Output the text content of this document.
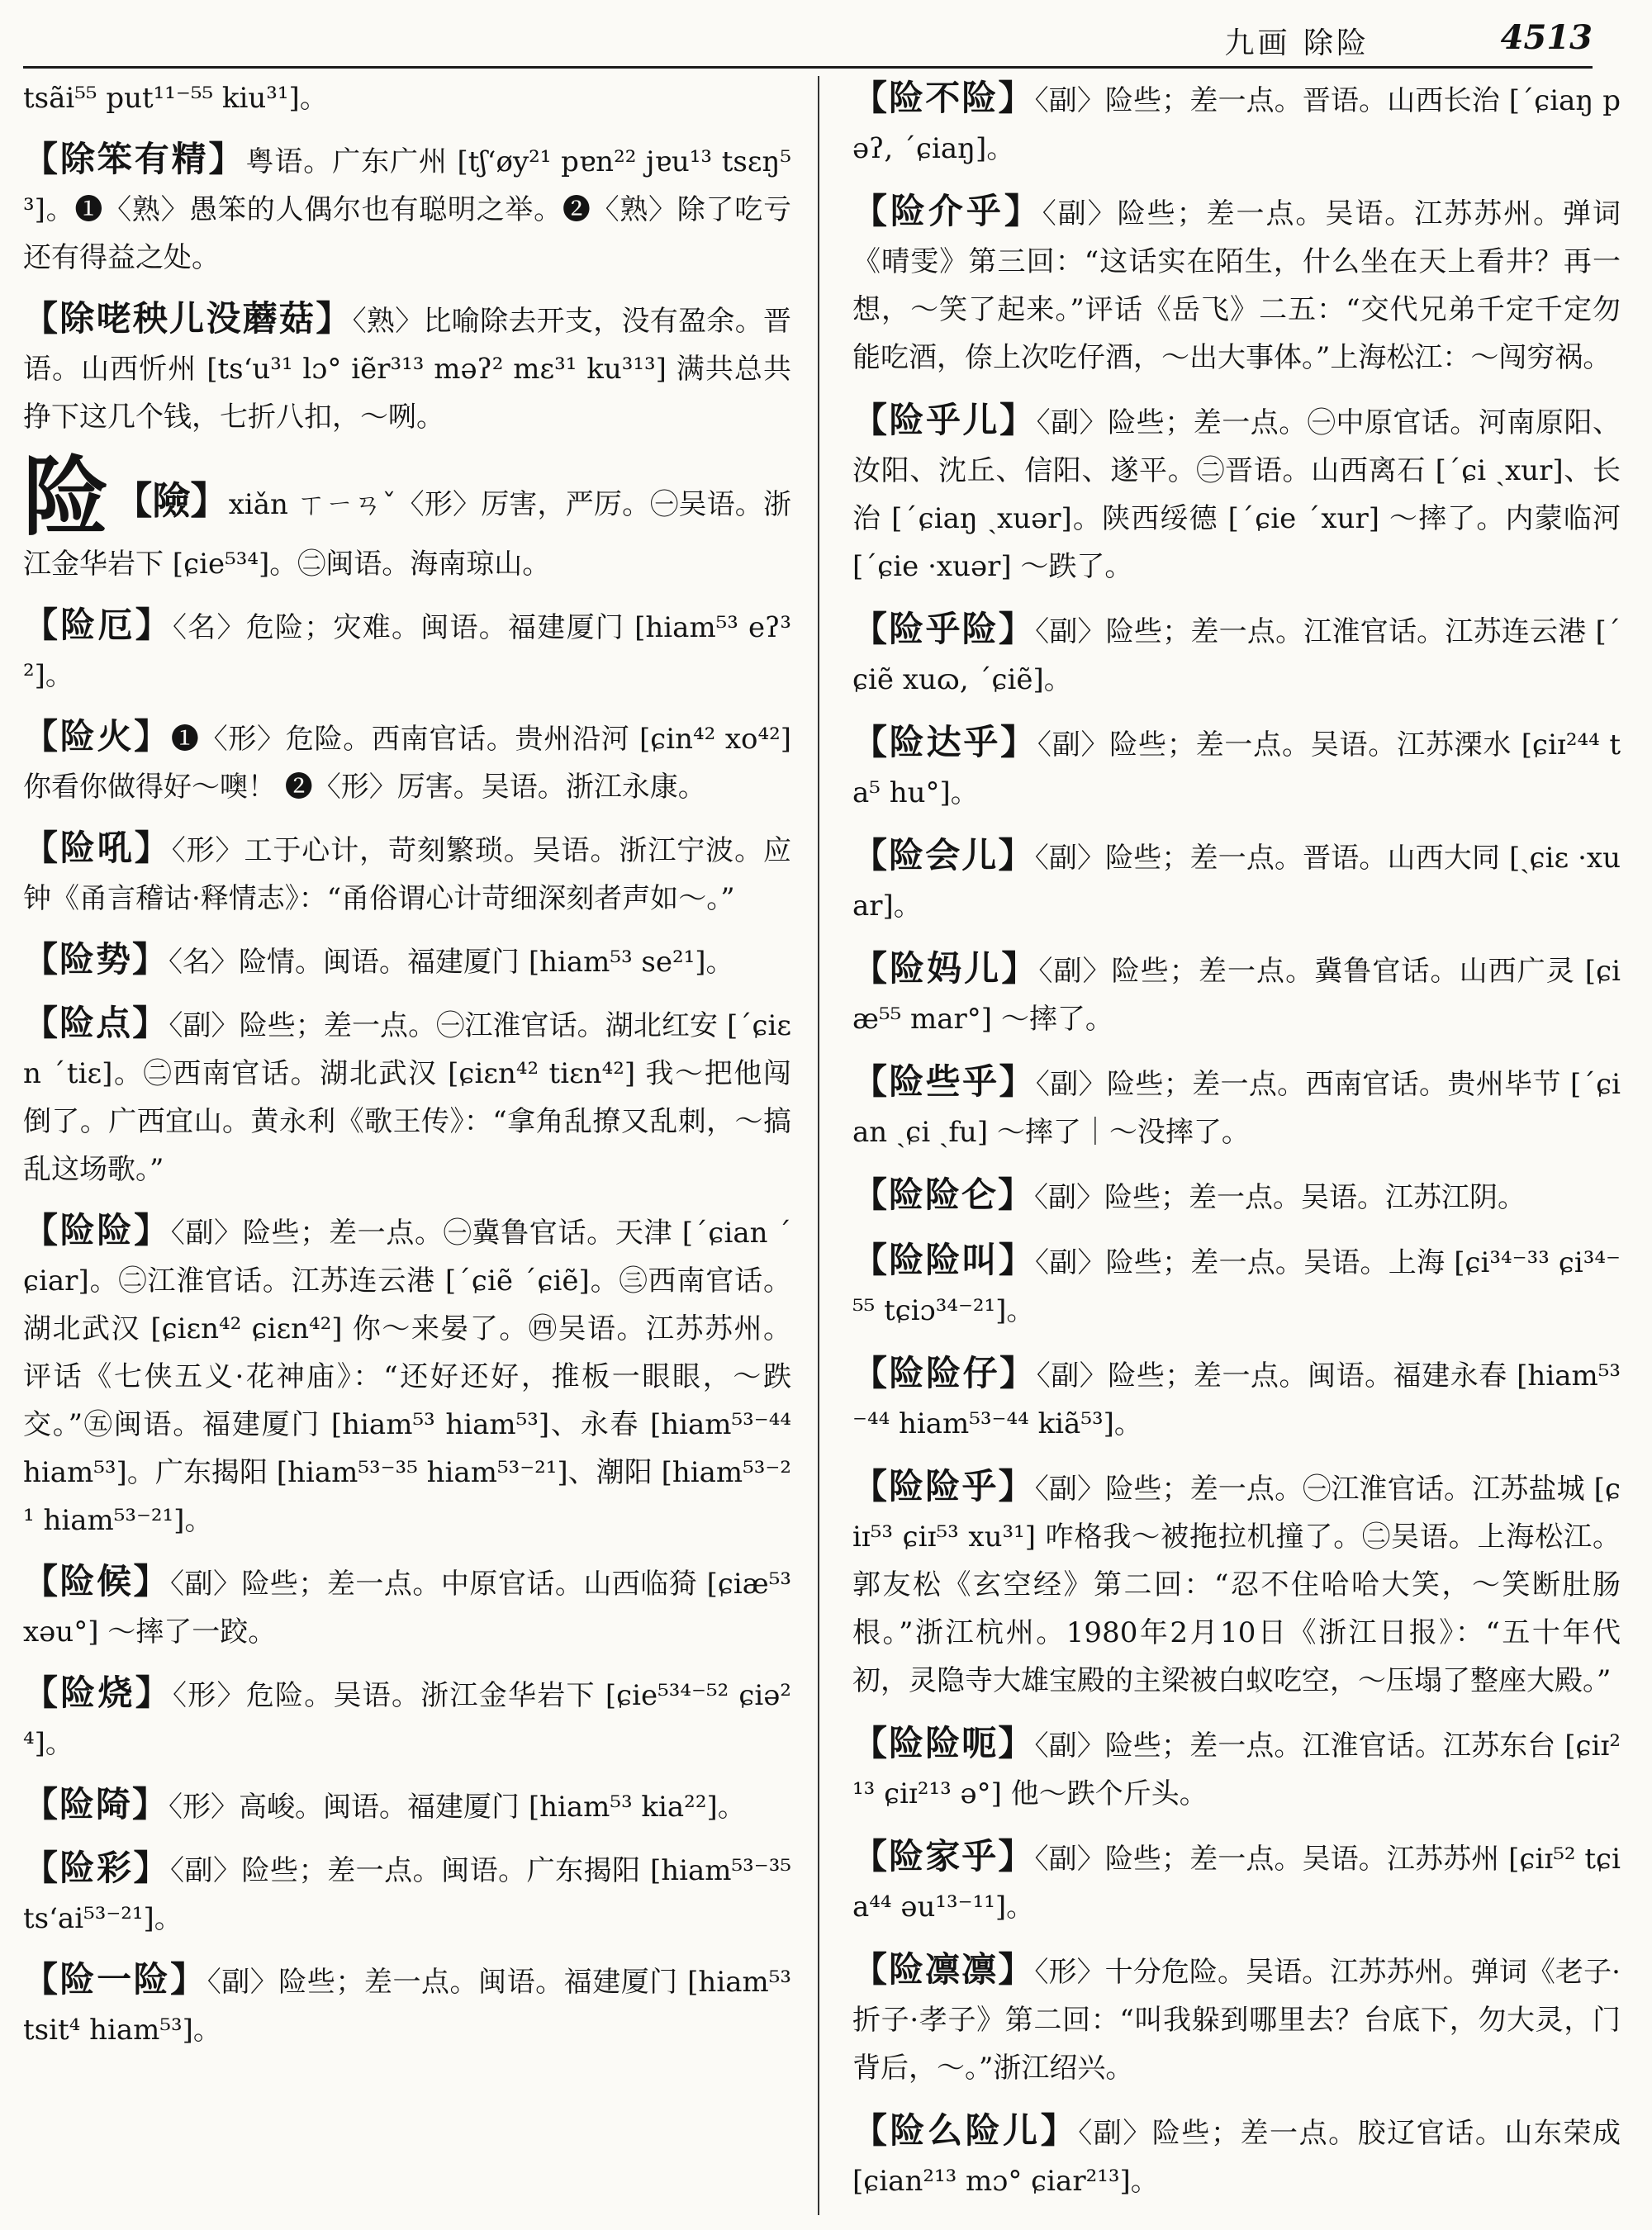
九画 除险	4513

tsãi⁵⁵ put¹¹⁻⁵⁵ kiu³¹]。

【除笨有精】粤语。广东广州 [tʃ‘øy²¹ pɐn²² jɐu¹³ tsɛŋ⁵³]。❶〈熟〉愚笨的人偶尔也有聪明之举。❷〈熟〉除了吃亏还有得益之处。

【除咾秧儿没蘑菇】〈熟〉比喻除去开支，没有盈余。晋语。山西忻州 [ts‘u³¹ lɔ° iẽr³¹³ məʔ² mɛ³¹ ku³¹³] 满共总共挣下这几个钱，七折八扣，～咧。

险 【險】xiǎn ㄒㄧㄢˇ〈形〉厉害，严厉。㊀吴语。浙江金华岩下 [ɕie⁵³⁴]。㊁闽语。海南琼山。

【险厄】〈名〉危险；灾难。闽语。福建厦门 [hiam⁵³ eʔ³²]。

【险火】❶〈形〉危险。西南官话。贵州沿河 [ɕin⁴² xo⁴²] 你看你做得好～噢！ ❷〈形〉厉害。吴语。浙江永康。

【险吼】〈形〉工于心计，苛刻繁琐。吴语。浙江宁波。应钟《甬言稽诂·释情志》：“甬俗谓心计苛细深刻者声如～。”

【险势】〈名〉险情。闽语。福建厦门 [hiam⁵³ se²¹]。

【险点】〈副〉险些；差一点。㊀江淮官话。湖北红安 [ˊɕiɛn ˊtiɛ]。㊁西南官话。湖北武汉 [ɕiɛn⁴² tiɛn⁴²] 我～把他闯倒了。广西宜山。黄永利《歌王传》：“拿角乱撩又乱刺，～搞乱这场歌。”

【险险】〈副〉险些；差一点。㊀冀鲁官话。天津 [ˊɕian ˊɕiar]。㊁江淮官话。江苏连云港 [ˊɕiẽ ˊɕiẽ]。㊂西南官话。湖北武汉 [ɕiɛn⁴² ɕiɛn⁴²] 你～来晏了。㊃吴语。江苏苏州。评话《七侠五义·花神庙》：“还好还好，推板一眼眼，～跌交。”㊄闽语。福建厦门 [hiam⁵³ hiam⁵³]、永春 [hiam⁵³⁻⁴⁴ hiam⁵³]。广东揭阳 [hiam⁵³⁻³⁵ hiam⁵³⁻²¹]、潮阳 [hiam⁵³⁻²¹ hiam⁵³⁻²¹]。

【险候】〈副〉险些；差一点。中原官话。山西临猗 [ɕiæ⁵³ xəu°] ～摔了一跤。

【险烧】〈形〉危险。吴语。浙江金华岩下 [ɕie⁵³⁴⁻⁵² ɕiə²⁴]。

【险陭】〈形〉高峻。闽语。福建厦门 [hiam⁵³ kia²²]。

【险彩】〈副〉险些；差一点。闽语。广东揭阳 [hiam⁵³⁻³⁵ ts‘ai⁵³⁻²¹]。

【险一险】〈副〉险些；差一点。闽语。福建厦门 [hiam⁵³ tsit⁴ hiam⁵³]。

【险不险】〈副〉险些；差一点。晋语。山西长治 [ˊɕiaŋ pəʔ, ˊɕiaŋ]。

【险介乎】〈副〉险些；差一点。吴语。江苏苏州。弹词《晴雯》第三回：“这话实在陌生，什么坐在天上看井？再一想，～笑了起来。”评话《岳飞》二五：“交代兄弟千定千定勿能吃酒，倷上次吃仔酒，～出大事体。”上海松江：～闯穷祸。

【险乎儿】〈副〉险些；差一点。㊀中原官话。河南原阳、汝阳、沈丘、信阳、遂平。㊁晋语。山西离石 [ˊɕi ˏxur]、长治 [ˊɕiaŋ ˏxuər]。陕西绥德 [ˊɕie ˊxur] ～摔了。内蒙临河 [ˊɕie ·xuər] ～跌了。

【险乎险】〈副〉险些；差一点。江淮官话。江苏连云港 [ˊɕiẽ xuɷ, ˊɕiẽ]。

【险达乎】〈副〉险些；差一点。吴语。江苏溧水 [ɕiɪ²⁴⁴ ta⁵ hu°]。

【险会儿】〈副〉险些；差一点。晋语。山西大同 [ˏɕiɛ ·xuar]。

【险妈儿】〈副〉险些；差一点。冀鲁官话。山西广灵 [ɕiæ⁵⁵ mar°] ～摔了。

【险些乎】〈副〉险些；差一点。西南官话。贵州毕节 [ˊɕian ˏɕi ˏfu] ～摔了｜～没摔了。

【险险仑】〈副〉险些；差一点。吴语。江苏江阴。

【险险叫】〈副〉险些；差一点。吴语。上海 [ɕi³⁴⁻³³ ɕi³⁴⁻⁵⁵ tɕiɔ³⁴⁻²¹]。

【险险仔】〈副〉险些；差一点。闽语。福建永春 [hiam⁵³⁻⁴⁴ hiam⁵³⁻⁴⁴ kiã⁵³]。

【险险乎】〈副〉险些；差一点。㊀江淮官话。江苏盐城 [ɕiɪ⁵³ ɕiɪ⁵³ xu³¹] 咋格我～被拖拉机撞了。㊁吴语。上海松江。郭友松《玄空经》第二回：“忍不住哈哈大笑，～笑断肚肠根。”浙江杭州。1980年2月10日《浙江日报》：“五十年代初，灵隐寺大雄宝殿的主梁被白蚁吃空，～压塌了整座大殿。”

【险险呃】〈副〉险些；差一点。江淮官话。江苏东台 [ɕiɪ²¹³ ɕiɪ²¹³ ə°] 他～跌个斤头。

【险家乎】〈副〉险些；差一点。吴语。江苏苏州 [ɕiɪ⁵² tɕia⁴⁴ əu¹³⁻¹¹]。

【险凛凛】〈形〉十分危险。吴语。江苏苏州。弹词《老子·折子·孝子》第二回：“叫我躲到哪里去？台底下，勿大灵，门背后，～。”浙江绍兴。

【险么险儿】〈副〉险些；差一点。胶辽官话。山东荣成 [ɕian²¹³ mɔ° ɕiar²¹³]。
